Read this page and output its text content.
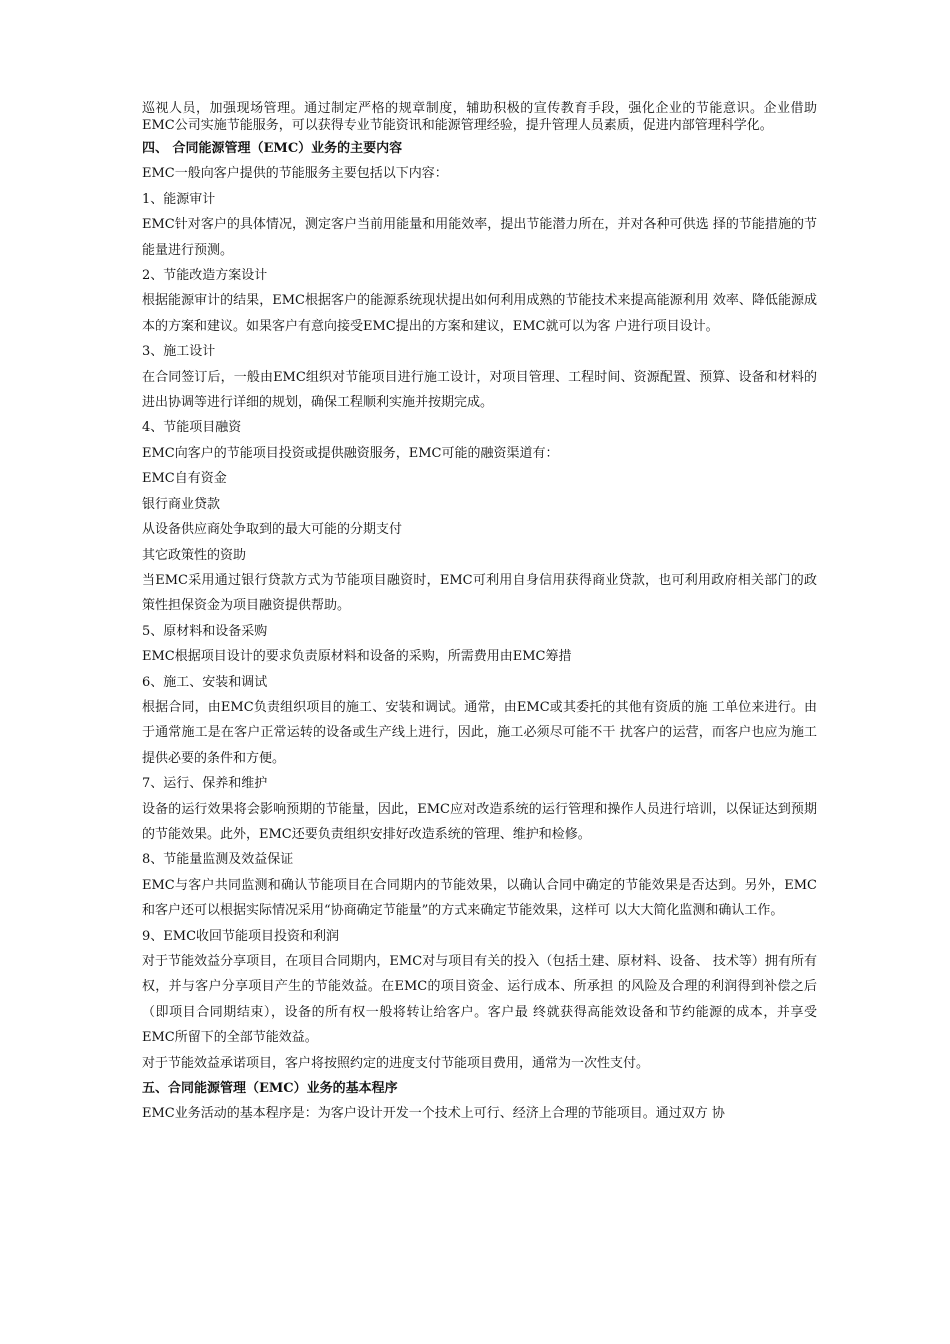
巡视人员，加强现场管理。通过制定严格的规章制度，辅助积极的宣传教育手段，强化企业的节能意识。企业借助EMC公司实施节能服务，可以获得专业节能资讯和能源管理经验，提升管理人员素质，促进内部管理科学化。

四、 合同能源管理（EMC）业务的主要内容

EMC一般向客户提供的节能服务主要包括以下内容：

1、能源审计

EMC针对客户的具体情况，测定客户当前用能量和用能效率，提出节能潜力所在，并对各种可供选 择的节能措施的节能量进行预测。

2、节能改造方案设计

根据能源审计的结果，EMC根据客户的能源系统现状提出如何利用成熟的节能技术来提高能源利用 效率、降低能源成本的方案和建议。如果客户有意向接受EMC提出的方案和建议，EMC就可以为客 户进行项目设计。

3、施工设计

在合同签订后，一般由EMC组织对节能项目进行施工设计，对项目管理、工程时间、资源配置、预算、设备和材料的进出协调等进行详细的规划，确保工程顺利实施并按期完成。

4、节能项目融资

EMC向客户的节能项目投资或提供融资服务，EMC可能的融资渠道有：

EMC自有资金

银行商业贷款

从设备供应商处争取到的最大可能的分期支付

其它政策性的资助

当EMC采用通过银行贷款方式为节能项目融资时，EMC可利用自身信用获得商业贷款，也可利用政府相关部门的政策性担保资金为项目融资提供帮助。

5、原材料和设备采购

EMC根据项目设计的要求负责原材料和设备的采购，所需费用由EMC筹措

6、施工、安装和调试

根据合同，由EMC负责组织项目的施工、安装和调试。通常，由EMC或其委托的其他有资质的施 工单位来进行。由于通常施工是在客户正常运转的设备或生产线上进行，因此，施工必须尽可能不干 扰客户的运营，而客户也应为施工提供必要的条件和方便。

7、运行、保养和维护

设备的运行效果将会影响预期的节能量，因此，EMC应对改造系统的运行管理和操作人员进行培训，以保证达到预期的节能效果。此外，EMC还要负责组织安排好改造系统的管理、维护和检修。

8、节能量监测及效益保证

EMC与客户共同监测和确认节能项目在合同期内的节能效果，以确认合同中确定的节能效果是否达到。另外，EMC和客户还可以根据实际情况采用“协商确定节能量”的方式来确定节能效果，这样可 以大大简化监测和确认工作。

9、EMC收回节能项目投资和利润

对于节能效益分享项目，在项目合同期内，EMC对与项目有关的投入（包括土建、原材料、设备、 技术等）拥有所有权，并与客户分享项目产生的节能效益。在EMC的项目资金、运行成本、所承担 的风险及合理的利润得到补偿之后（即项目合同期结束），设备的所有权一般将转让给客户。客户最 终就获得高能效设备和节约能源的成本，并享受EMC所留下的全部节能效益。

对于节能效益承诺项目，客户将按照约定的进度支付节能项目费用，通常为一次性支付。

五、合同能源管理（EMC）业务的基本程序

EMC业务活动的基本程序是：为客户设计开发一个技术上可行、经济上合理的节能项目。通过双方 协
